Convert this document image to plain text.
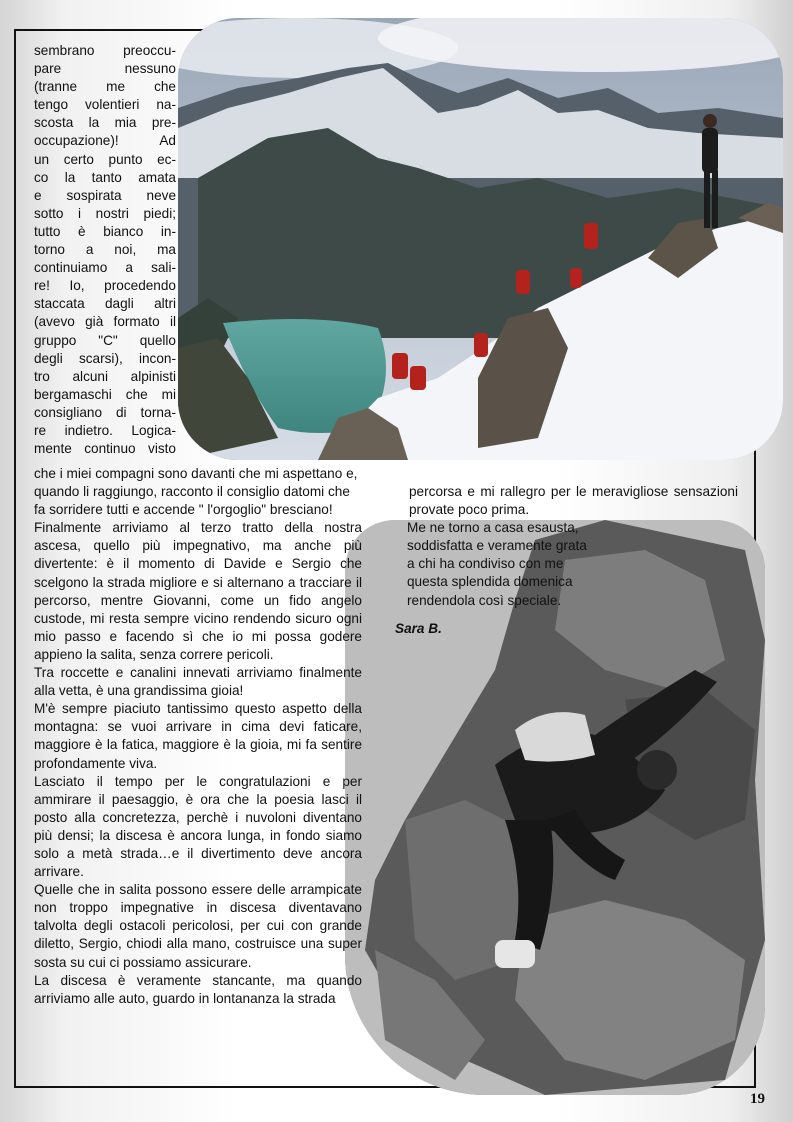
sembrano preoccu-
pare nessuno
(tranne me che
tengo volentieri na-
scosta la mia pre-
occupazione)! Ad
un certo punto ec-
co la tanto amata
e sospirata neve
sotto i nostri piedi;
tutto è bianco in-
torno a noi, ma
continuiamo a sali-
re! Io, procedendo
staccata dagli altri
(avevo già formato il
gruppo "C" quello
degli scarsi), incon-
tro alcuni alpinisti
bergamaschi che mi
consigliano di torna-
re indietro. Logica-
mente continuo visto

che i miei compagni sono davanti che mi aspettano e, quando li raggiungo, racconto il consiglio datomi che fa sorridere tutti e accende " l'orgoglio" bresciano!

Finalmente arriviamo al terzo tratto della nostra ascesa, quello più impegnativo, ma anche più divertente: è il momento di Davide e Sergio che scelgono la strada migliore e si alternano a tracciare il percorso, mentre Giovanni, come un fido angelo custode, mi resta sempre vicino rendendo sicuro ogni mio passo e facendo sì che io mi possa godere appieno la salita, senza correre pericoli.

Tra roccette e canalini innevati arriviamo finalmente alla vetta, è una grandissima gioia!

M'è sempre piaciuto tantissimo questo aspetto della montagna: se vuoi arrivare in cima devi faticare, maggiore è la fatica, maggiore è la gioia, mi fa sentire profondamente viva.

Lasciato il tempo per le congratulazioni e per ammirare il paesaggio, è ora che la poesia lasci il posto alla concretezza, perchè i nuvoloni diventano più densi; la discesa è ancora lunga, in fondo siamo solo a metà strada…e il divertimento deve ancora arrivare.

Quelle che in salita possono essere delle arrampicate non troppo impegnative in discesa diventavano talvolta degli ostacoli pericolosi, per cui con grande diletto, Sergio, chiodi alla mano, costruisce una super sosta su cui ci possiamo assicurare.

La discesa è veramente stancante, ma quando arriviamo alle auto, guardo in lontananza la strada

percorsa e mi rallegro per le meravigliose sensazioni provate poco prima.

Me ne torno a casa esausta, soddisfatta e veramente grata a chi ha condiviso con me questa splendida domenica rendendola così speciale.

Sara B.

19
